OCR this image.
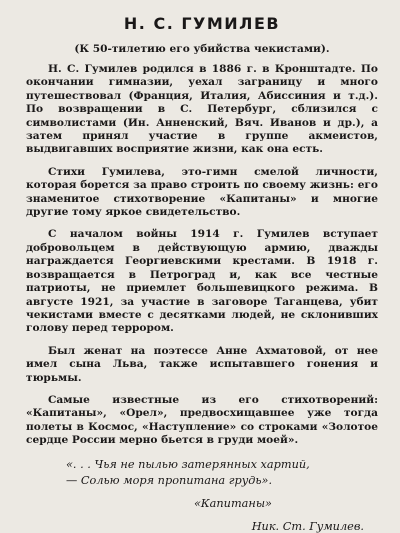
Н. С. ГУМИЛЕВ
(К 50-тилетию его убийства чекистами).

Н. С. Гумилев родился в 1886 г. в Кронштадте. По окончании гимназии, уехал заграницу и много путешествовал (Франция, Италия, Абиссиния и т.д.). По возвращении в С. Петербург, сблизился с символистами (Ин. Анненский, Вяч. Иванов и др.), а затем принял участие в группе акмеистов, выдвигавших восприятие жизни, как она есть.

Стихи Гумилева, это-гимн смелой личности, которая борется за право строить по своему жизнь: его знаменитое стихотворение «Капитаны» и многие другие тому яркое свидетельство.

С началом войны 1914 г. Гумилев вступает добровольцем в действующую армию, дважды награждается Георгиевскими крестами. В 1918 г. возвращается в Петроград и, как все честные патриоты, не приемлет большевицкого режима. В августе 1921, за участие в заговоре Таганцева, убит чекистами вместе с десятками людей, не склонивших голову перед террором.

Был женат на поэтессе Анне Ахматовой, от нее имел сына Льва, также испытавшего гонения и тюрьмы.

Самые известные из его стихотворений: «Капитаны», «Орел», предвосхищавшее уже тогда полеты в Космос, «Наступление» со строками «Золотое сердце России мерно бьется в груди моей».

«. . . Чья не пылью затерянных хартий,
— Солью моря пропитана грудь».
«Капитаны»
Ник. Ст. Гумилев.
